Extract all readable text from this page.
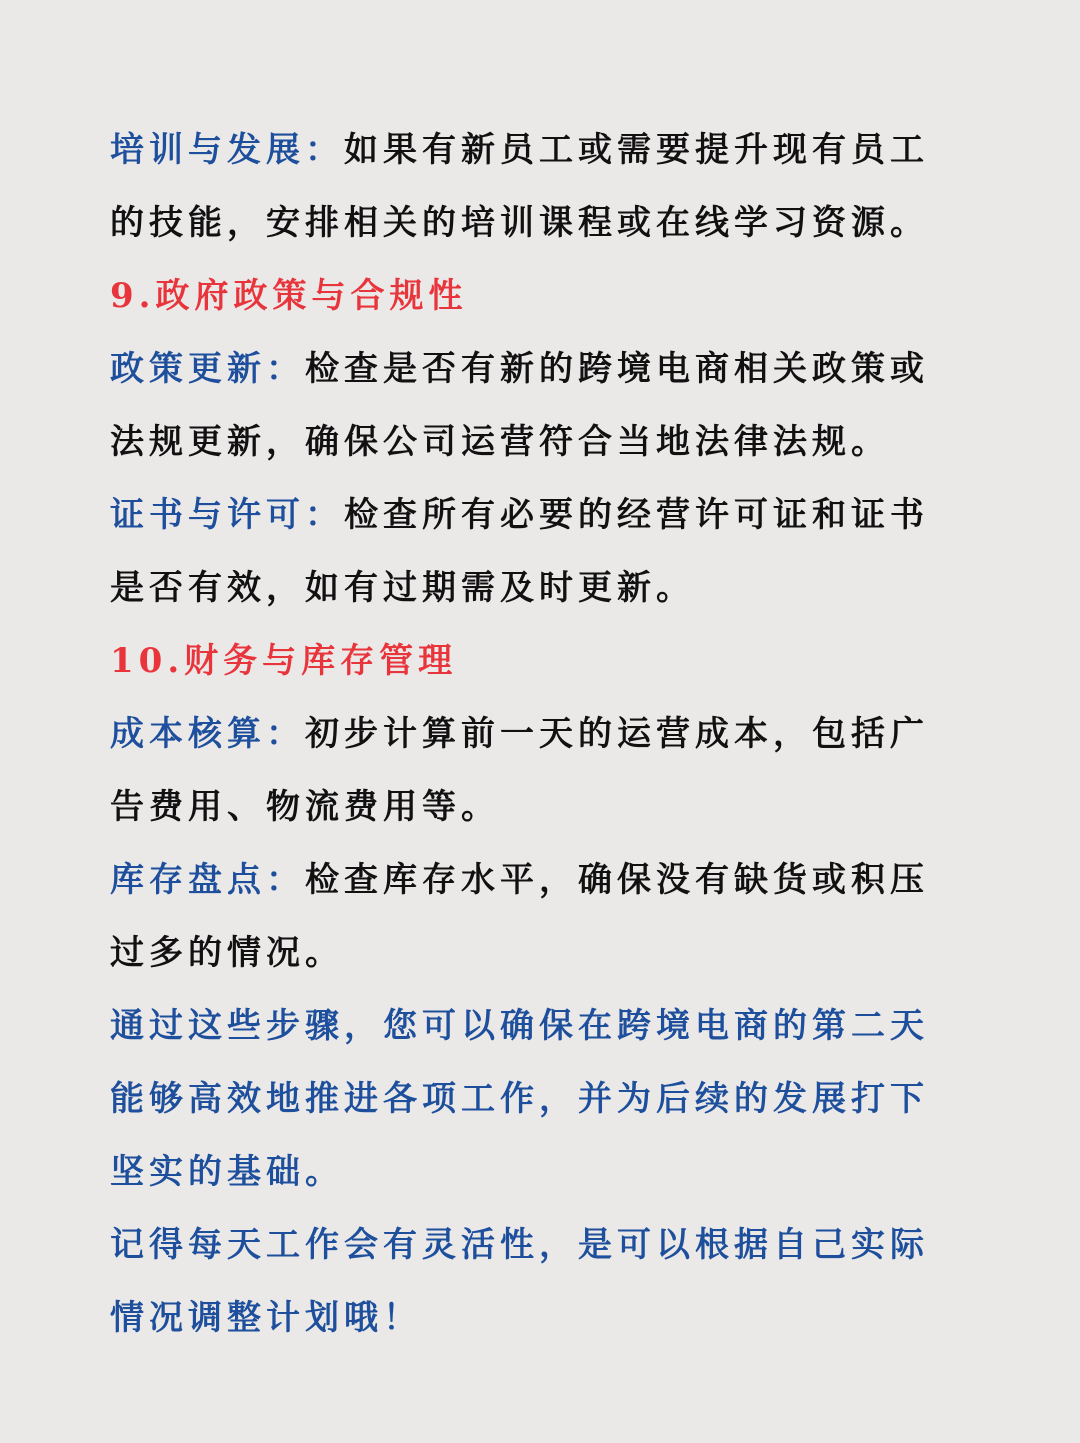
培训与发展：如果有新员工或需要提升现有员工
的技能，安排相关的培训课程或在线学习资源。
9.政府政策与合规性
政策更新：检查是否有新的跨境电商相关政策或
法规更新，确保公司运营符合当地法律法规。
证书与许可：检查所有必要的经营许可证和证书
是否有效，如有过期需及时更新。
10.财务与库存管理
成本核算：初步计算前一天的运营成本，包括广
告费用、物流费用等。
库存盘点：检查库存水平，确保没有缺货或积压
过多的情况。
通过这些步骤，您可以确保在跨境电商的第二天
能够高效地推进各项工作，并为后续的发展打下
坚实的基础。
记得每天工作会有灵活性，是可以根据自己实际
情况调整计划哦！
